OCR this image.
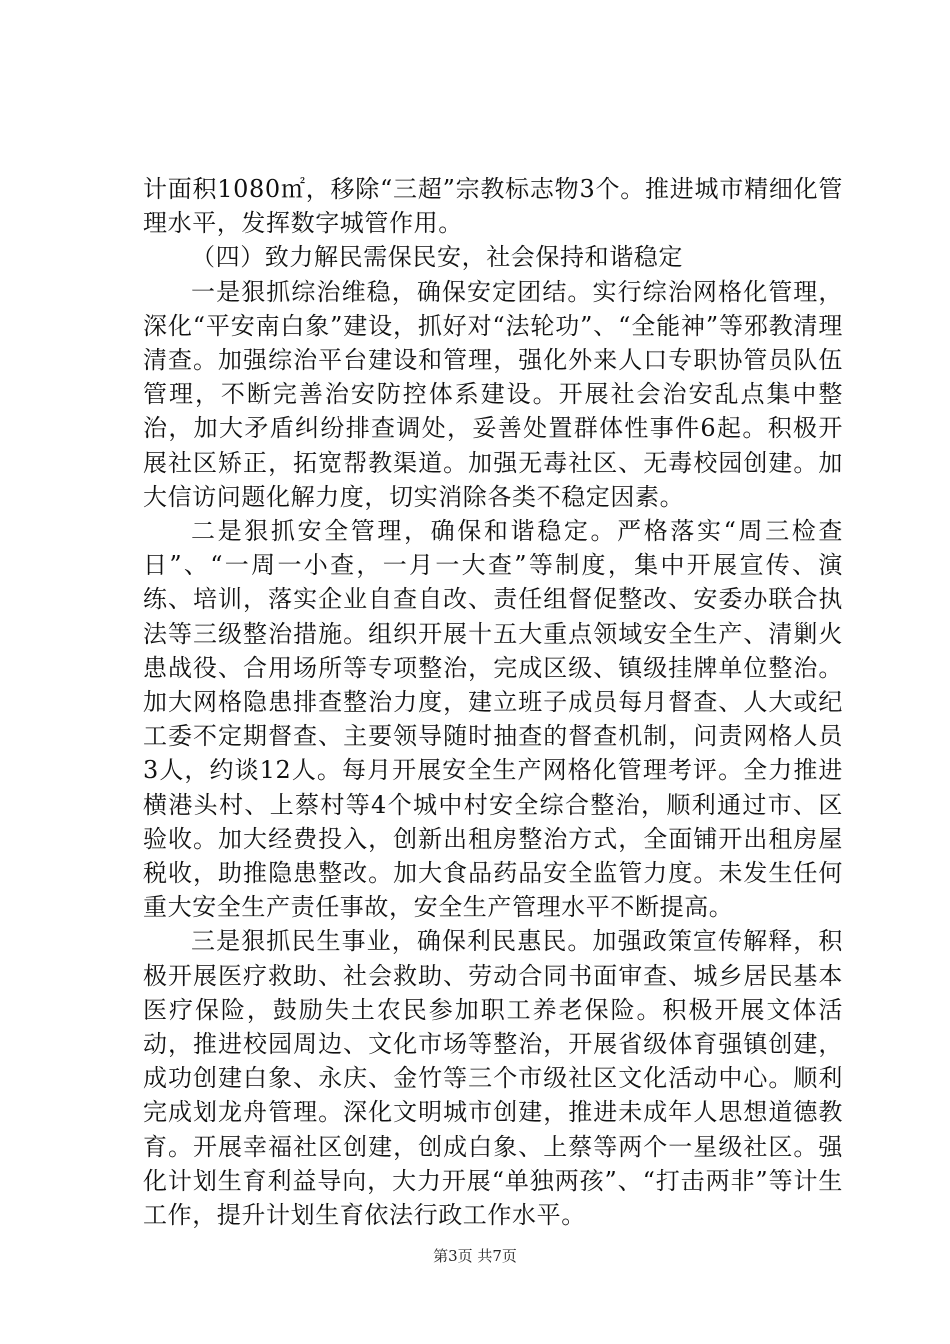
计面积1080㎡，移除“三超”宗教标志物3个。推进城市精细化管理水平，发挥数字城管作用。

（四）致力解民需保民安，社会保持和谐稳定

一是狠抓综治维稳，确保安定团结。实行综治网格化管理，深化“平安南白象”建设，抓好对“法轮功”、“全能神”等邪教清理清查。加强综治平台建设和管理，强化外来人口专职协管员队伍管理，不断完善治安防控体系建设。开展社会治安乱点集中整治，加大矛盾纠纷排查调处，妥善处置群体性事件6起。积极开展社区矫正，拓宽帮教渠道。加强无毒社区、无毒校园创建。加大信访问题化解力度，切实消除各类不稳定因素。

二是狠抓安全管理，确保和谐稳定。严格落实“周三检查日”、“一周一小查，一月一大查”等制度，集中开展宣传、演练、培训，落实企业自查自改、责任组督促整改、安委办联合执法等三级整治措施。组织开展十五大重点领域安全生产、清剿火患战役、合用场所等专项整治，完成区级、镇级挂牌单位整治。加大网格隐患排查整治力度，建立班子成员每月督查、人大或纪工委不定期督查、主要领导随时抽查的督查机制，问责网格人员3人，约谈12人。每月开展安全生产网格化管理考评。全力推进横港头村、上蔡村等4个城中村安全综合整治，顺利通过市、区验收。加大经费投入，创新出租房整治方式，全面铺开出租房屋税收，助推隐患整改。加大食品药品安全监管力度。未发生任何重大安全生产责任事故，安全生产管理水平不断提高。

三是狠抓民生事业，确保利民惠民。加强政策宣传解释，积极开展医疗救助、社会救助、劳动合同书面审查、城乡居民基本医疗保险，鼓励失土农民参加职工养老保险。积极开展文体活动，推进校园周边、文化市场等整治，开展省级体育强镇创建，成功创建白象、永庆、金竹等三个市级社区文化活动中心。顺利完成划龙舟管理。深化文明城市创建，推进未成年人思想道德教育。开展幸福社区创建，创成白象、上蔡等两个一星级社区。强化计划生育利益导向，大力开展“单独两孩”、“打击两非”等计生工作，提升计划生育依法行政工作水平。

第3页 共7页
